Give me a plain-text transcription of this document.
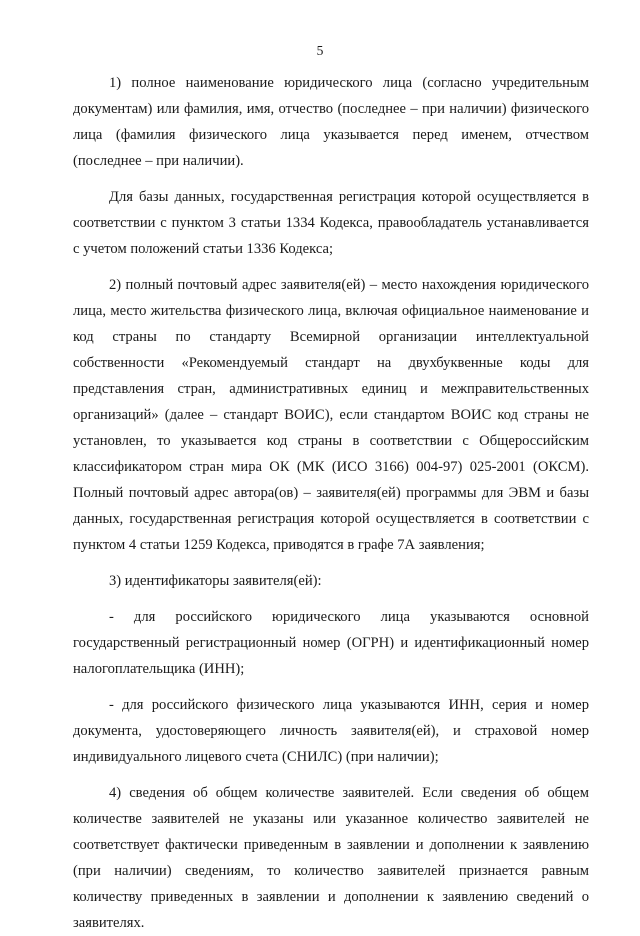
5

1) полное наименование юридического лица (согласно учредительным документам) или фамилия, имя, отчество (последнее – при наличии) физического лица (фамилия физического лица указывается перед именем, отчеством (последнее – при наличии).

Для базы данных, государственная регистрация которой осуществляется в соответствии с пунктом 3 статьи 1334 Кодекса, правообладатель устанавливается с учетом положений статьи 1336 Кодекса;

2) полный почтовый адрес заявителя(ей) – место нахождения юридического лица, место жительства физического лица, включая официальное наименование и код страны по стандарту Всемирной организации интеллектуальной собственности «Рекомендуемый стандарт на двухбуквенные коды для представления стран, административных единиц и межправительственных организаций» (далее – стандарт ВОИС), если стандартом ВОИС код страны не установлен, то указывается код страны в соответствии с Общероссийским классификатором стран мира ОК (МК (ИСО 3166) 004-97) 025-2001 (ОКСМ). Полный почтовый адрес автора(ов) – заявителя(ей) программы для ЭВМ и базы данных, государственная регистрация которой осуществляется в соответствии с пунктом 4 статьи 1259 Кодекса, приводятся в графе 7А заявления;

3) идентификаторы заявителя(ей):

- для российского юридического лица указываются основной государственный регистрационный номер (ОГРН) и идентификационный номер налогоплательщика (ИНН);

- для российского физического лица указываются ИНН, серия и номер документа, удостоверяющего личность заявителя(ей), и страховой номер индивидуального лицевого счета (СНИЛС) (при наличии);

4) сведения об общем количестве заявителей. Если сведения об общем количестве заявителей не указаны или указанное количество заявителей не соответствует фактически приведенным в заявлении и дополнении к заявлению (при наличии) сведениям, то количество заявителей признается равным количеству приведенных в заявлении и дополнении к заявлению сведений о заявителях.
